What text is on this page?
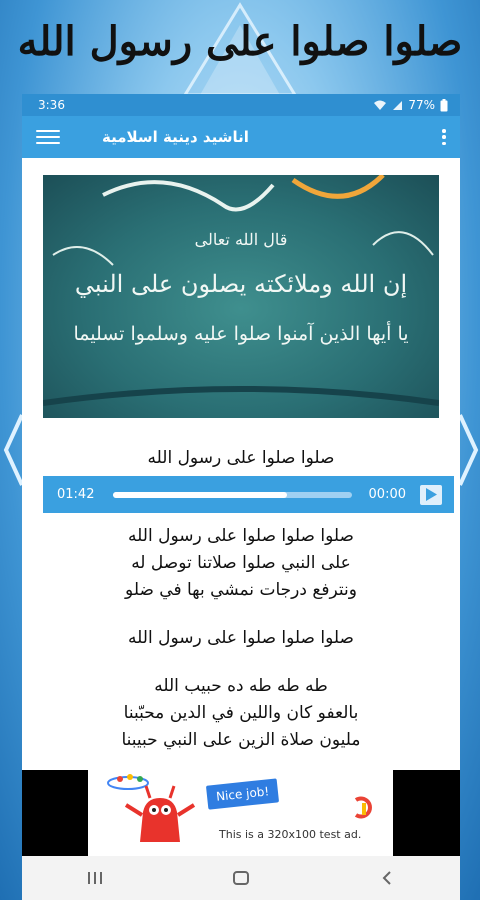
صلوا صلوا على رسول الله
3:36	77%
اناشيد دينية اسلامية
قال الله تعالى
إن الله وملائكته يصلون على النبي
يا أيها الذين آمنوا صلوا عليه وسلموا تسليما
صلوا صلوا على رسول الله
01:42	00:00
صلوا صلوا صلوا على رسول الله
على النبي صلوا صلاتنا توصل له
ونترفع درجات نمشي بها في ضلو
صلوا صلوا صلوا على رسول الله
طه طه طه ده حبيب الله
بالعفو كان واللين في الدين محبّبنا
مليون صلاة الزين على النبي حبيبنا
Nice job!
This is a 320x100 test ad.
